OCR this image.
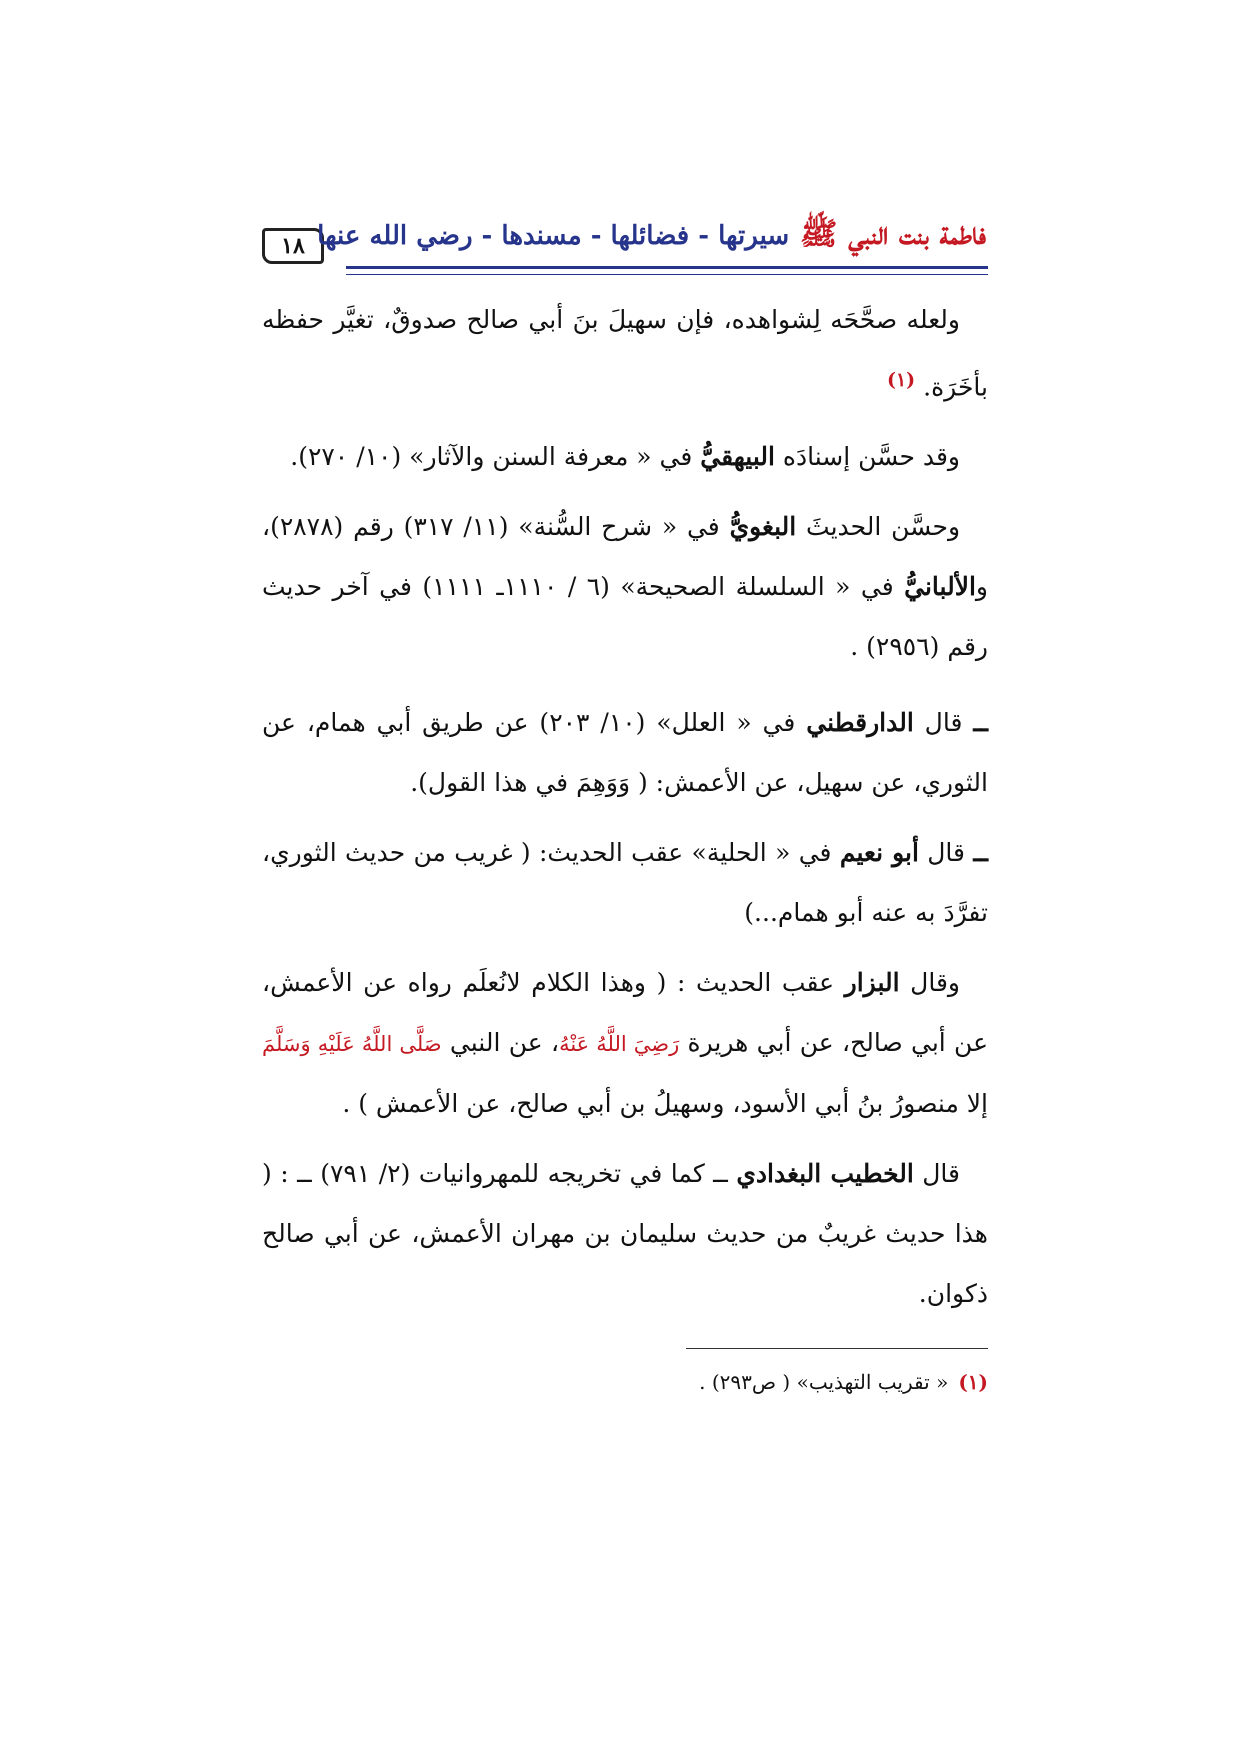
١٨	فاطمة بنت النبي ﷺ سيرتها - فضائلها - مسندها - رضي الله عنها

ولعله صحَّحَه لِشواهده، فإن سهيلَ بنَ أبي صالح صدوقٌ، تغيَّر حفظه بأخَرَة. $^{(١)}$

وقد حسَّن إسنادَه البيهقيُّ في « معرفة السنن والآثار» (١٠/ ٢٧٠).

وحسَّن الحديثَ البغويُّ في « شرح السُّنة» (١١/ ٣١٧) رقم (٢٨٧٨)، والألبانيُّ في « السلسلة الصحيحة» (٦ / ١١١٠ـ ١١١١) في آخر حديث رقم (٢٩٥٦) .

ــ قال الدارقطني في « العلل» (١٠/ ٢٠٣) عن طريق أبي همام، عن الثوري، عن سهيل، عن الأعمش: ( وَوَهِمَ في هذا القول).

ــ قال أبو نعيم في « الحلية» عقب الحديث: ( غريب من حديث الثوري، تفرَّدَ به عنه أبو همام...)

وقال البزار عقب الحديث : ( وهذا الكلام لانُعلَم رواه عن الأعمش، عن أبي صالح، عن أبي هريرة رَضِيَ اللَّهُ عَنْهُ، عن النبي صَلَّى اللَّهُ عَلَيْهِ وَسَلَّمَ إلا منصورُ بنُ أبي الأسود، وسهيلُ بن أبي صالح، عن الأعمش ) .

قال الخطيب البغدادي ــ كما في تخريجه للمهروانيات (٢/ ٧٩١) ــ : ( هذا حديث غريبٌ من حديث سليمان بن مهران الأعمش، عن أبي صالح ذكوان.

(١)« تقريب التهذيب» ( ص٢٩٣) .
